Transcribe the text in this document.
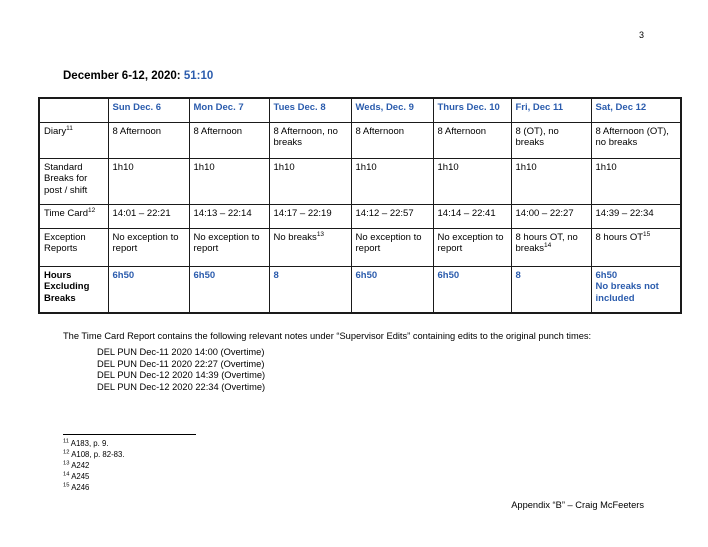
3
December 6-12, 2020: 51:10
	Sun Dec. 6	Mon Dec. 7	Tues Dec. 8	Weds, Dec. 9	Thurs Dec. 10	Fri, Dec 11	Sat, Dec 12
Diary$^{11}$	8 Afternoon	8 Afternoon	8 Afternoon, no breaks	8 Afternoon	8 Afternoon	8 (OT), no breaks	8 Afternoon (OT), no breaks
Standard Breaks for post / shift	1h10	1h10	1h10	1h10	1h10	1h10	1h10
Time Card$^{12}$	14:01 – 22:21	14:13 – 22:14	14:17 – 22:19	14:12 – 22:57	14:14 – 22:41	14:00 – 22:27	14:39 – 22:34
Exception Reports	No exception to report	No exception to report	No breaks$^{13}$	No exception to report	No exception to report	8 hours OT, no breaks$^{14}$	8 hours OT$^{15}$
Hours Excluding Breaks	6h50	6h50	8	6h50	6h50	8	6h50
No breaks not included
The Time Card Report contains the following relevant notes under “Supervisor Edits” containing edits to the original punch times:
DEL PUN Dec-11 2020 14:00 (Overtime)
DEL PUN Dec-11 2020 22:27 (Overtime)
DEL PUN Dec-12 2020 14:39 (Overtime)
DEL PUN Dec-12 2020 22:34 (Overtime)
$^{11}$ A183, p. 9.
$^{12}$ A108, p. 82-83.
$^{13}$ A242
$^{14}$ A245
$^{15}$ A246
Appendix “B” – Craig McFeeters
